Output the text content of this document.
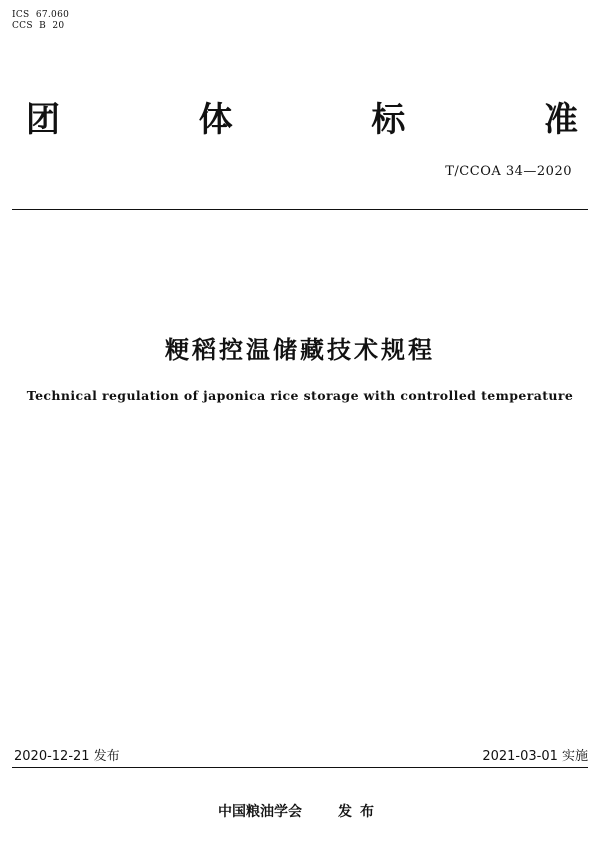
ICS  67.060
CCS  B  20
团	体	标	准
T/CCOA 34—2020
粳稻控温储藏技术规程
Technical regulation of japonica rice storage with controlled temperature
2020-12-21 发布	2021-03-01 实施
中国粮油学会	发布
